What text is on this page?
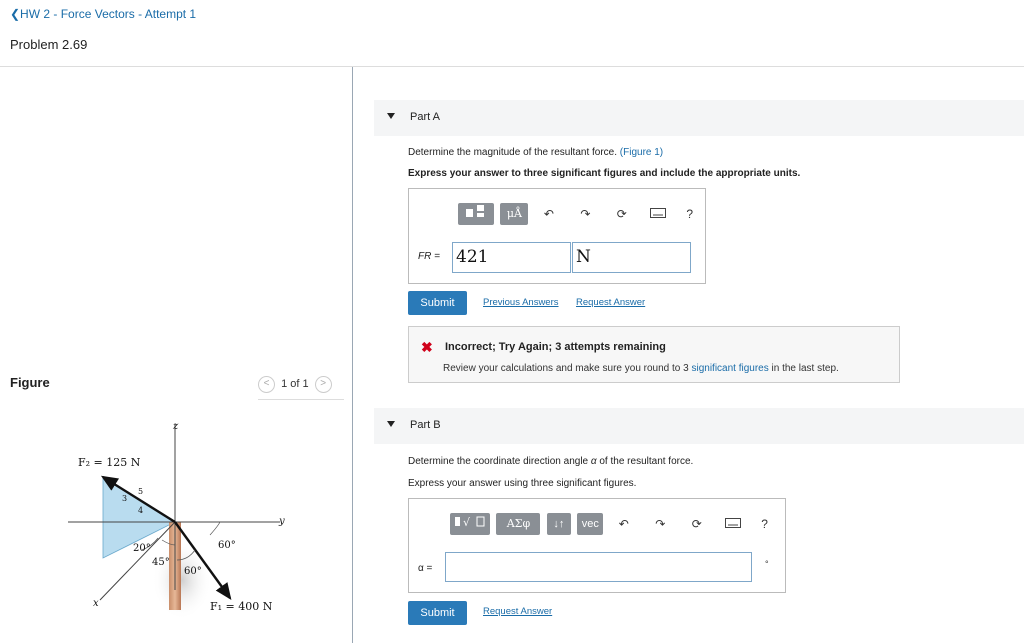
❮HW 2 - Force Vectors - Attempt 1
Problem 2.69
Figure	< 1 of 1 >
F₂ = 125 N
F₁ = 400 N
z
y
x
3
4
5
20°
45°
60°
60°
Part A
Determine the magnitude of the resultant force. (Figure 1)
Express your answer to three significant figures and include the appropriate units.
μÅ ↶ ↷ ⟳	?
FR = 421	N
Submit	Previous Answers Request Answer
✖ Incorrect; Try Again; 3 attempts remaining
Review your calculations and make sure you round to 3 significant figures in the last step.
Part B
Determine the coordinate direction angle α of the resultant force.
Express your answer using three significant figures.
√	ΑΣφ ↓↑ vec ↶ ↷ ⟳	?
α =	°
Submit	Request Answer
